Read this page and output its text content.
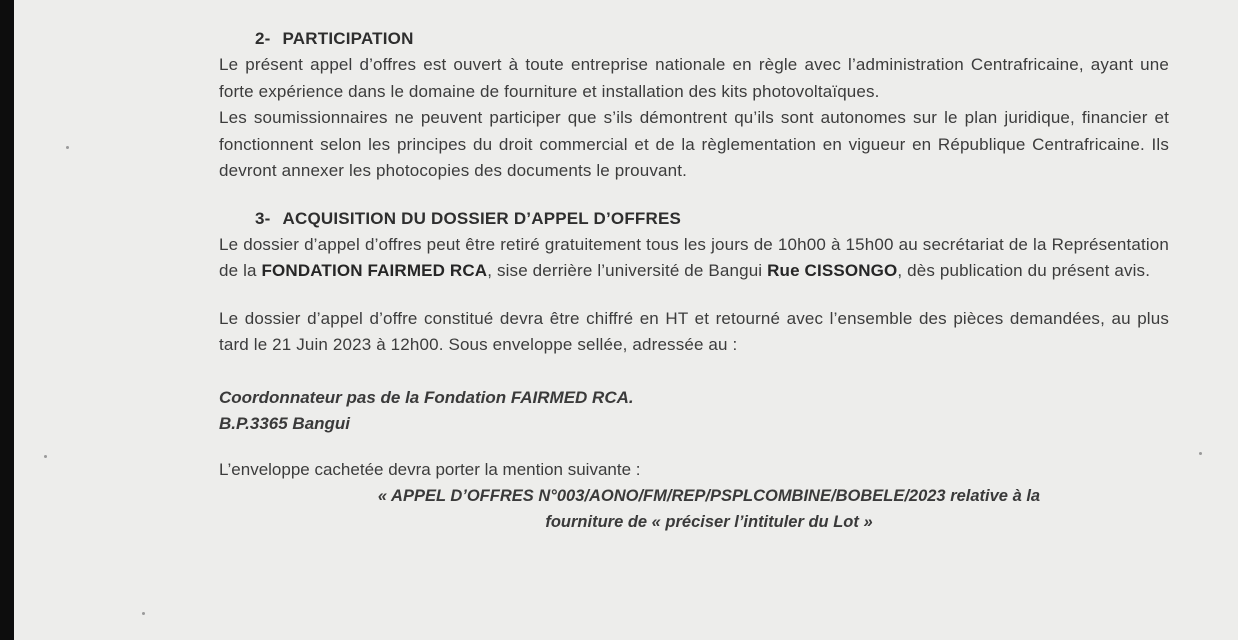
2- PARTICIPATION

Le présent appel d’offres est ouvert à toute entreprise nationale en règle avec l’administration Centrafricaine, ayant une forte expérience dans le domaine de fourniture et installation des kits photovoltaïques.

Les soumissionnaires ne peuvent participer que s’ils démontrent qu’ils sont autonomes sur le plan juridique, financier et fonctionnent selon les principes du droit commercial et de la règlementation en vigueur en République Centrafricaine. Ils devront annexer les photocopies des documents le prouvant.

3- ACQUISITION DU DOSSIER D’APPEL D’OFFRES

Le dossier d’appel d’offres peut être retiré gratuitement tous les jours de 10h00 à 15h00 au secrétariat de la Représentation de la FONDATION FAIRMED RCA, sise derrière l’université de Bangui Rue CISSONGO, dès publication du présent avis.

Le dossier d’appel d’offre constitué devra être chiffré en HT et retourné avec l’ensemble des pièces demandées, au plus tard le 21 Juin 2023 à 12h00. Sous enveloppe sellée, adressée au :

Coordonnateur pas de la Fondation FAIRMED RCA.

B.P.3365 Bangui

L’enveloppe cachetée devra porter la mention suivante :

« APPEL D’OFFRES N°003/AONO/FM/REP/PSPLCOMBINE/BOBELE/2023 relative à la

fourniture de « préciser l’intituler du Lot »
